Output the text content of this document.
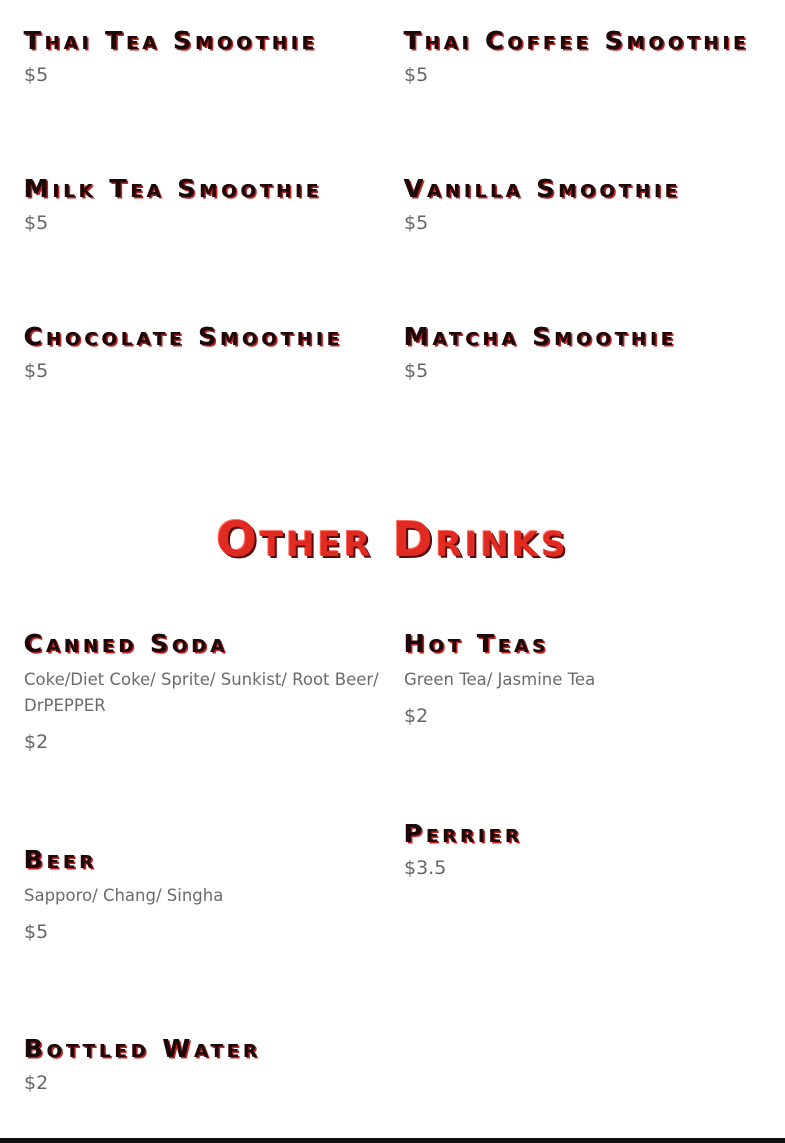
Thai Tea Smoothie

$5

Thai Coffee Smoothie

$5

Milk Tea Smoothie

$5

Vanilla Smoothie

$5

Chocolate Smoothie

$5

Matcha Smoothie

$5

Other Drinks
Canned Soda

Coke/Diet Coke/ Sprite/ Sunkist/ Root Beer/ DrPEPPER

$2

Hot Teas

Green Tea/ Jasmine Tea

$2

Perrier

$3.5

Beer

Sapporo/ Chang/ Singha

$5

Bottled Water

$2
